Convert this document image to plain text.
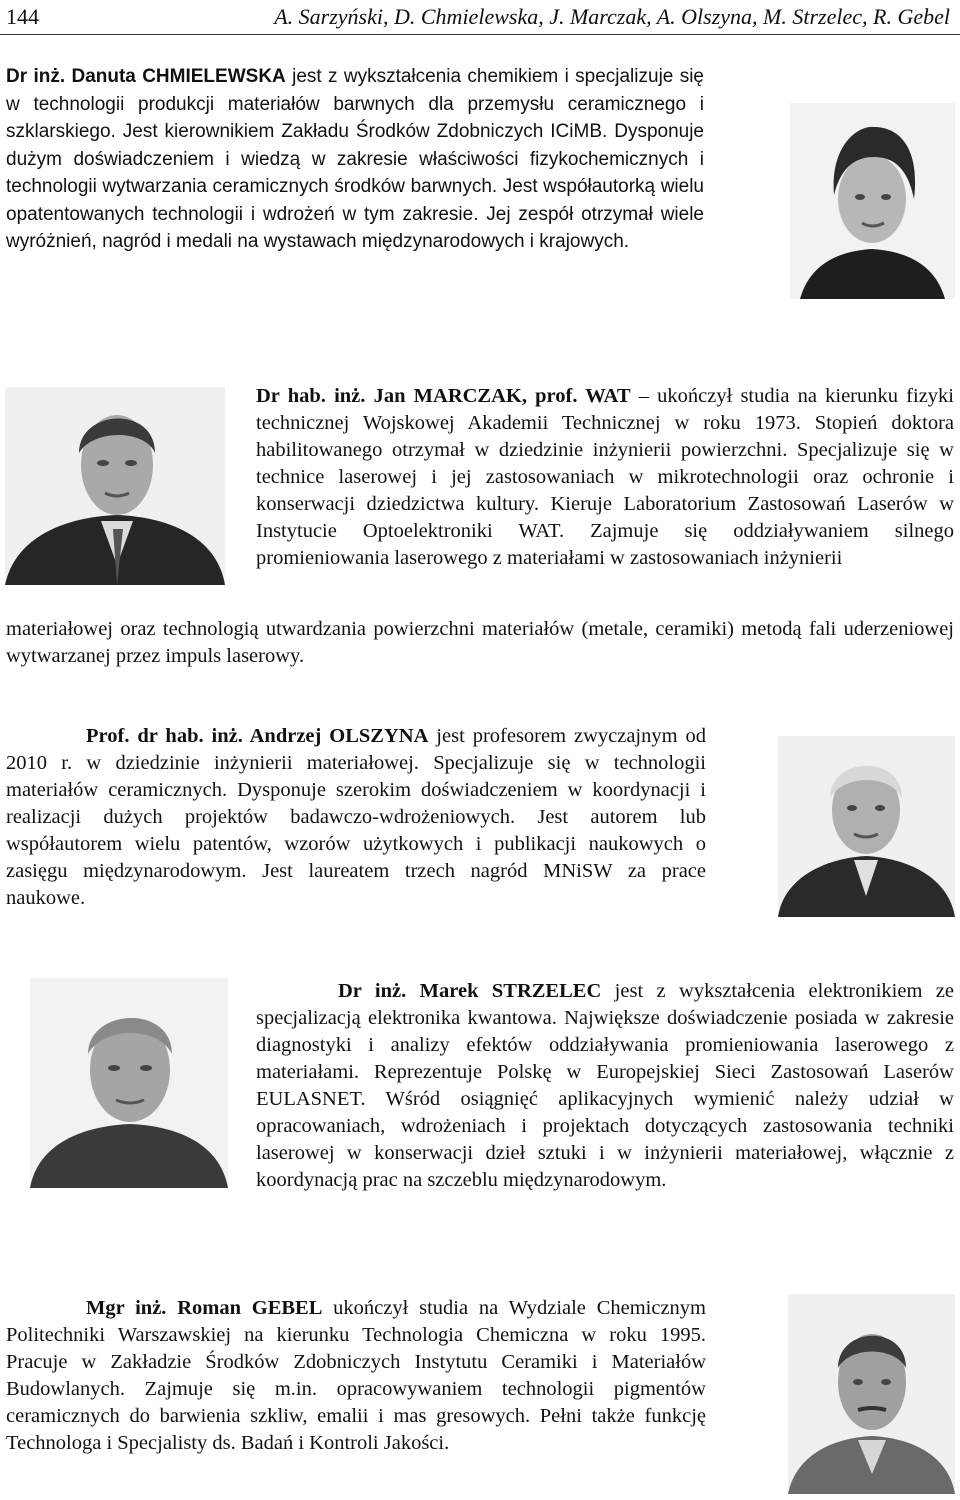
144	A. Sarzyński, D. Chmielewska, J. Marczak, A. Olszyna, M. Strzelec, R. Gebel

Dr inż. Danuta CHMIELEWSKA jest z wykształcenia chemikiem i specjalizuje się w technologii produkcji materiałów barwnych dla przemysłu ceramicznego i szklarskiego. Jest kierownikiem Zakładu Środków Zdobniczych ICiMB. Dysponuje dużym doświadczeniem i wiedzą w zakresie właściwości fizykochemicznych i technologii wytwarzania ceramicznych środków barwnych. Jest współautorką wielu opatentowanych technologii i wdrożeń w tym zakresie. Jej zespół otrzymał wiele wyróżnień, nagród i medali na wystawach międzynarodowych i krajowych.

Dr hab. inż. Jan MARCZAK, prof. WAT – ukończył studia na kierunku fizyki technicznej Wojskowej Akademii Technicznej w roku 1973. Stopień doktora habilitowanego otrzymał w dziedzinie inżynierii powierzchni. Specjalizuje się w technice laserowej i jej zastosowaniach w mikrotechnologii oraz ochronie i konserwacji dziedzictwa kultury. Kieruje Laboratorium Zastosowań Laserów w Instytucie Optoelektroniki WAT. Zajmuje się oddziaływaniem silnego promieniowania laserowego z materiałami w zastosowaniach inżynierii

materiałowej oraz technologią utwardzania powierzchni materiałów (metale, ceramiki) metodą fali uderzeniowej wytwarzanej przez impuls laserowy.

Prof. dr hab. inż. Andrzej OLSZYNA jest profesorem zwyczajnym od 2010 r. w dziedzinie inżynierii materiałowej. Specjalizuje się w technologii materiałów ceramicznych. Dysponuje szerokim doświadczeniem w koordynacji i realizacji dużych projektów badawczo-wdrożeniowych. Jest autorem lub współautorem wielu patentów, wzorów użytkowych i publikacji naukowych o zasięgu międzynarodowym. Jest laureatem trzech nagród MNiSW za prace naukowe.

Dr inż. Marek STRZELEC jest z wykształcenia elektronikiem ze specjalizacją elektronika kwantowa. Największe doświadczenie posiada w zakresie diagnostyki i analizy efektów oddziaływania promieniowania laserowego z materiałami. Reprezentuje Polskę w Europejskiej Sieci Zastosowań Laserów EULASNET. Wśród osiągnięć aplikacyjnych wymienić należy udział w opracowaniach, wdrożeniach i projektach dotyczących zastosowania techniki laserowej w konserwacji dzieł sztuki i w inżynierii materiałowej, włącznie z koordynacją prac na szczeblu międzynarodowym.

Mgr inż. Roman GEBEL ukończył studia na Wydziale Chemicznym Politechniki Warszawskiej na kierunku Technologia Chemiczna w roku 1995. Pracuje w Zakładzie Środków Zdobniczych Instytutu Ceramiki i Materiałów Budowlanych. Zajmuje się m.in. opracowywaniem technologii pigmentów ceramicznych do barwienia szkliw, emalii i mas gresowych. Pełni także funkcję Technologa i Specjalisty ds. Badań i Kontroli Jakości.
